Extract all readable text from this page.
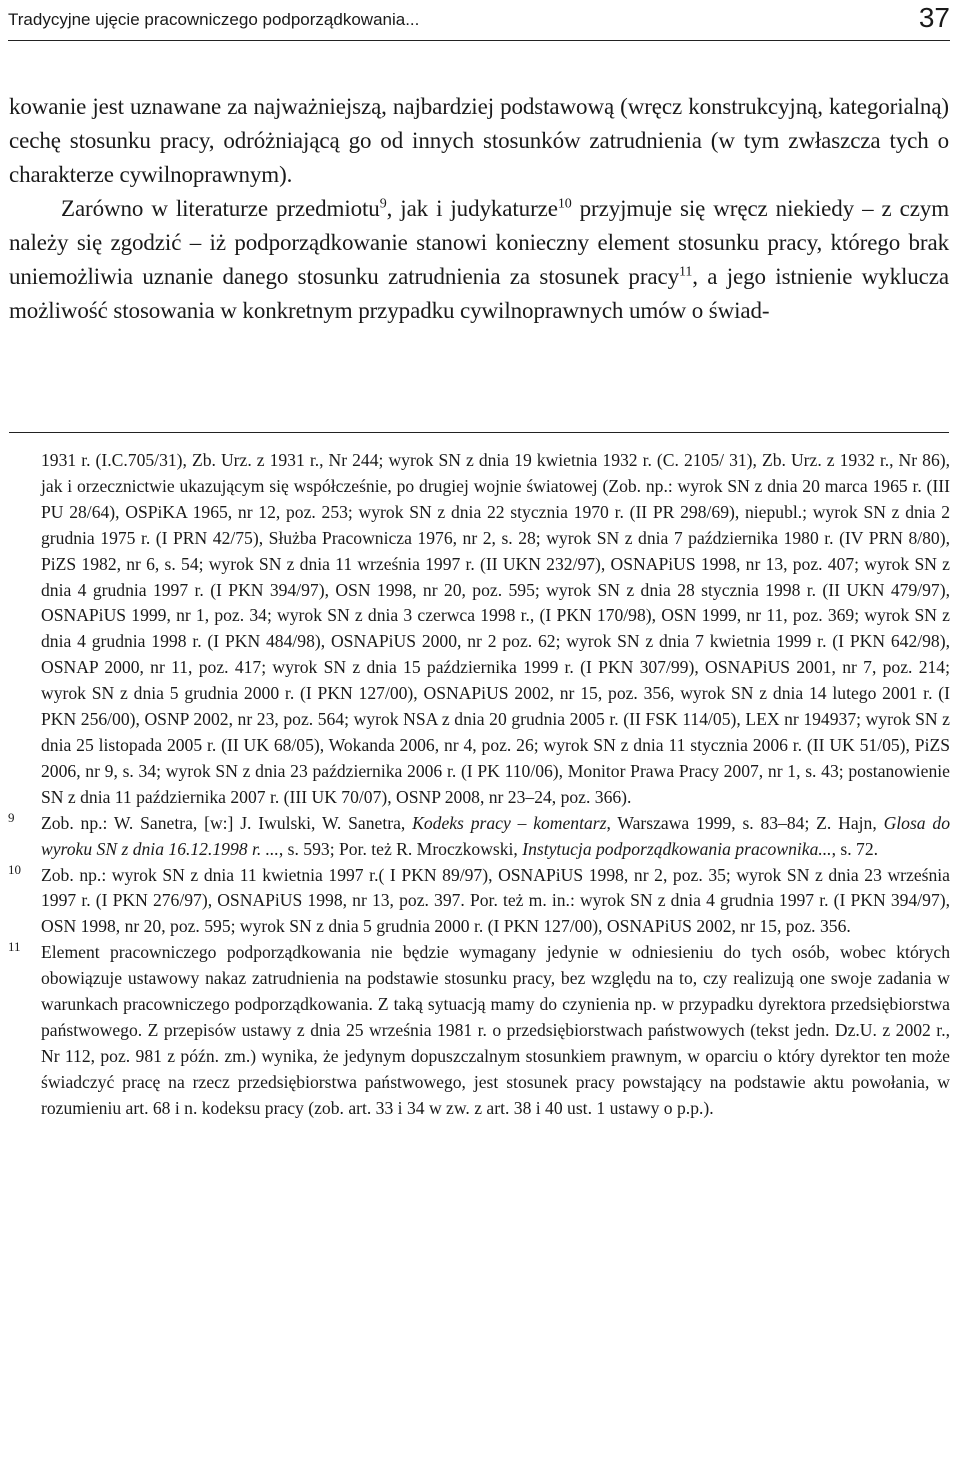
Tradycyjne ujęcie pracowniczego podporządkowania...	37

kowanie jest uznawane za najważniejszą, najbardziej podstawową (wręcz konstrukcyjną, kategorialną) cechę stosunku pracy, odróżniającą go od innych stosunków zatrudnienia (w tym zwłaszcza tych o charakterze cywilnoprawnym).

Zarówno w literaturze przedmiotu$^9$, jak i judykaturze$^{10}$ przyjmuje się wręcz niekiedy – z czym należy się zgodzić – iż podporządkowanie stanowi konieczny element stosunku pracy, którego brak uniemożliwia uznanie danego stosunku zatrudnienia za stosunek pracy$^{11}$, a jego istnienie wyklucza możliwość stosowania w konkretnym przypadku cywilnoprawnych umów o świad-

1931 r. (I.C.705/31), Zb. Urz. z 1931 r., Nr 244; wyrok SN z dnia 19 kwietnia 1932 r. (C. 2105/ 31), Zb. Urz. z 1932 r., Nr 86), jak i orzecznictwie ukazującym się współcześnie, po drugiej wojnie światowej (Zob. np.: wyrok SN z dnia 20 marca 1965 r. (III PU 28/64), OSPiKA 1965, nr 12, poz. 253; wyrok SN z dnia 22 stycznia 1970 r. (II PR 298/69), niepubl.; wyrok SN z dnia 2 grudnia 1975 r. (I PRN 42/75), Służba Pracownicza 1976, nr 2, s. 28; wyrok SN z dnia 7 października 1980 r. (IV PRN 8/80), PiZS 1982, nr 6, s. 54; wyrok SN z dnia 11 września 1997 r. (II UKN 232/97), OSNAPiUS 1998, nr 13, poz. 407; wyrok SN z dnia 4 grudnia 1997 r. (I PKN 394/97), OSN 1998, nr 20, poz. 595; wyrok SN z dnia 28 stycznia 1998 r. (II UKN 479/97), OSNAPiUS 1999, nr 1, poz. 34; wyrok SN z dnia 3 czerwca 1998 r., (I PKN 170/98), OSN 1999, nr 11, poz. 369; wyrok SN z dnia 4 grudnia 1998 r. (I PKN 484/98), OSNAPiUS 2000, nr 2 poz. 62; wyrok SN z dnia 7 kwietnia 1999 r. (I PKN 642/98), OSNAP 2000, nr 11, poz. 417; wyrok SN z dnia 15 października 1999 r. (I PKN 307/99), OSNAPiUS 2001, nr 7, poz. 214; wyrok SN z dnia 5 grudnia 2000 r. (I PKN 127/00), OSNAPiUS 2002, nr 15, poz. 356, wyrok SN z dnia 14 lutego 2001 r. (I PKN 256/00), OSNP 2002, nr 23, poz. 564; wyrok NSA z dnia 20 grudnia 2005 r. (II FSK 114/05), LEX nr 194937; wyrok SN z dnia 25 listopada 2005 r. (II UK 68/05), Wokanda 2006, nr 4, poz. 26; wyrok SN z dnia 11 stycznia 2006 r. (II UK 51/05), PiZS 2006, nr 9, s. 34; wyrok SN z dnia 23 października 2006 r. (I PK 110/06), Monitor Prawa Pracy 2007, nr 1, s. 43; postanowienie SN z dnia 11 października 2007 r. (III UK 70/07), OSNP 2008, nr 23–24, poz. 366).
9 Zob. np.: W. Sanetra, [w:] J. Iwulski, W. Sanetra, Kodeks pracy – komentarz, Warszawa 1999, s. 83–84; Z. Hajn, Glosa do wyroku SN z dnia 16.12.1998 r. ..., s. 593; Por. też R. Mroczkowski, Instytucja podporządkowania pracownika..., s. 72.
10 Zob. np.: wyrok SN z dnia 11 kwietnia 1997 r.( I PKN 89/97), OSNAPiUS 1998, nr 2, poz. 35; wyrok SN z dnia 23 września 1997 r. (I PKN 276/97), OSNAPiUS 1998, nr 13, poz. 397. Por. też m. in.: wyrok SN z dnia 4 grudnia 1997 r. (I PKN 394/97), OSN 1998, nr 20, poz. 595; wyrok SN z dnia 5 grudnia 2000 r. (I PKN 127/00), OSNAPiUS 2002, nr 15, poz. 356.
11 Element pracowniczego podporządkowania nie będzie wymagany jedynie w odniesieniu do tych osób, wobec których obowiązuje ustawowy nakaz zatrudnienia na podstawie stosunku pracy, bez względu na to, czy realizują one swoje zadania w warunkach pracowniczego podporządkowania. Z taką sytuacją mamy do czynienia np. w przypadku dyrektora przedsiębiorstwa państwowego. Z przepisów ustawy z dnia 25 września 1981 r. o przedsiębiorstwach państwowych (tekst jedn. Dz.U. z 2002 r., Nr 112, poz. 981 z późn. zm.) wynika, że jedynym dopuszczalnym stosunkiem prawnym, w oparciu o który dyrektor ten może świadczyć pracę na rzecz przedsiębiorstwa państwowego, jest stosunek pracy powstający na podstawie aktu powołania, w rozumieniu art. 68 i n. kodeksu pracy (zob. art. 33 i 34 w zw. z art. 38 i 40 ust. 1 ustawy o p.p.).
